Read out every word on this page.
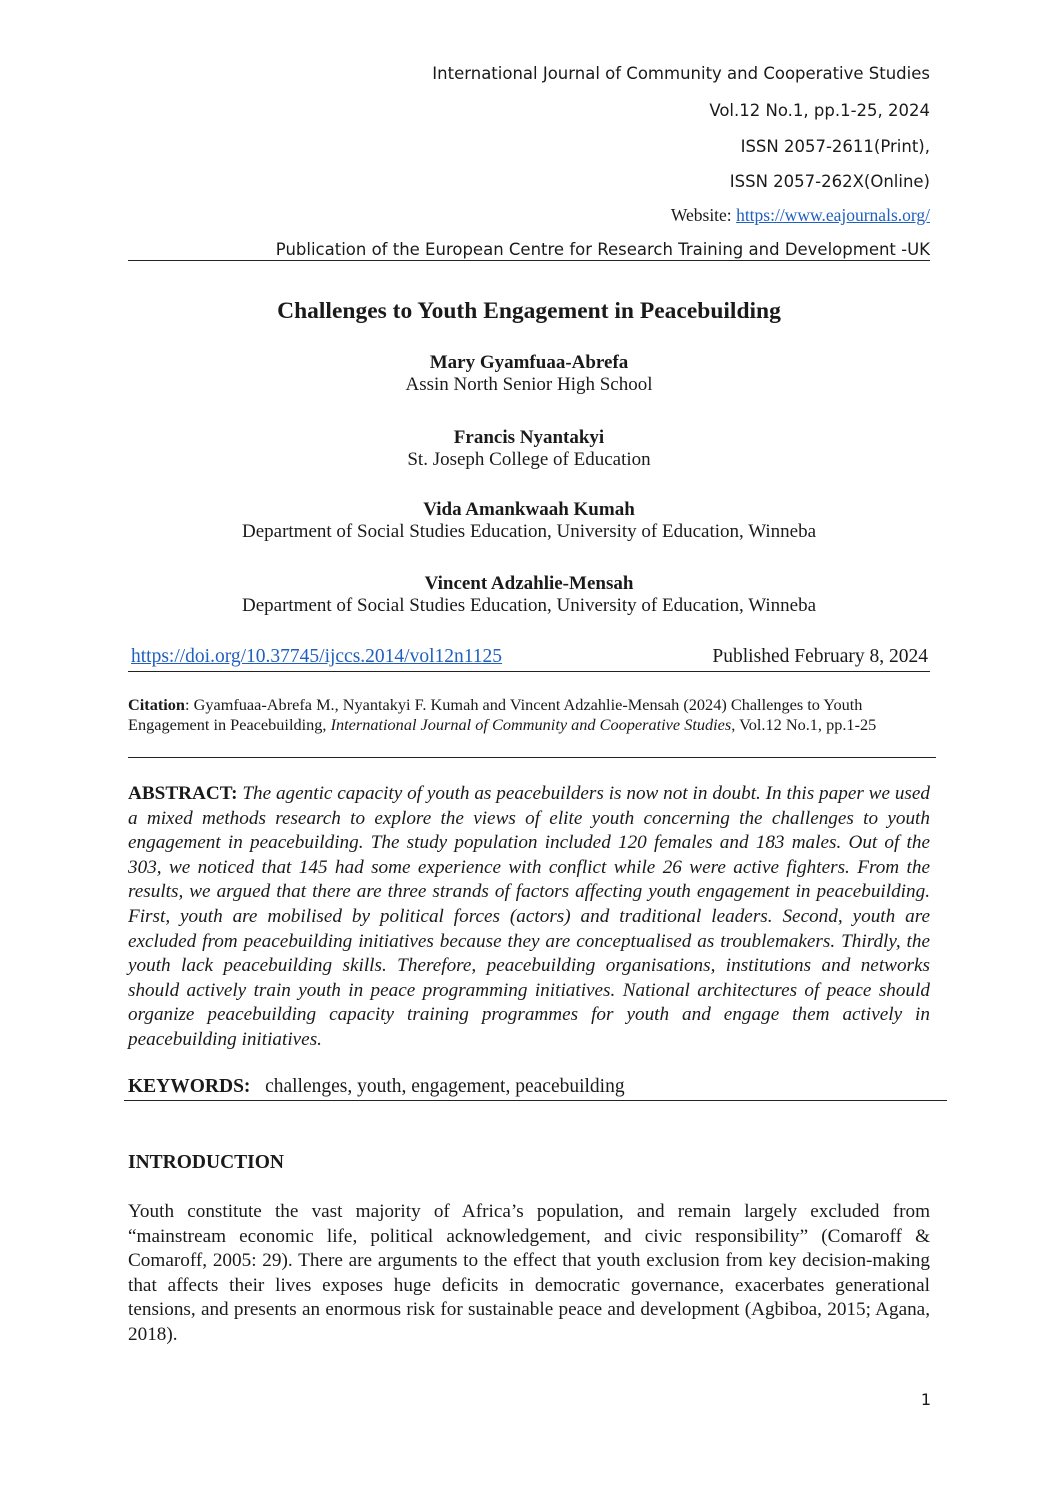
International Journal of Community and Cooperative Studies
Vol.12 No.1, pp.1-25, 2024
ISSN 2057-2611(Print),
ISSN 2057-262X(Online)
Website: https://www.eajournals.org/
Publication of the European Centre for Research Training and Development -UK
Challenges to Youth Engagement in Peacebuilding
Mary Gyamfuaa-Abrefa
Assin North Senior High School
Francis Nyantakyi
St. Joseph College of Education
Vida Amankwaah Kumah
Department of Social Studies Education, University of Education, Winneba
Vincent Adzahlie-Mensah
Department of Social Studies Education, University of Education, Winneba
https://doi.org/10.37745/ijccs.2014/vol12n1125	Published February 8, 2024
Citation: Gyamfuaa-Abrefa M., Nyantakyi F. Kumah and Vincent Adzahlie-Mensah (2024) Challenges to Youth Engagement in Peacebuilding, International Journal of Community and Cooperative Studies, Vol.12 No.1, pp.1-25
ABSTRACT: The agentic capacity of youth as peacebuilders is now not in doubt. In this paper we used a mixed methods research to explore the views of elite youth concerning the challenges to youth engagement in peacebuilding. The study population included 120 females and 183 males. Out of the 303, we noticed that 145 had some experience with conflict while 26 were active fighters. From the results, we argued that there are three strands of factors affecting youth engagement in peacebuilding. First, youth are mobilised by political forces (actors) and traditional leaders. Second, youth are excluded from peacebuilding initiatives because they are conceptualised as troublemakers. Thirdly, the youth lack peacebuilding skills. Therefore, peacebuilding organisations, institutions and networks should actively train youth in peace programming initiatives. National architectures of peace should organize peacebuilding capacity training programmes for youth and engage them actively in peacebuilding initiatives.
KEYWORDS: challenges, youth, engagement, peacebuilding
INTRODUCTION
Youth constitute the vast majority of Africa’s population, and remain largely excluded from “mainstream economic life, political acknowledgement, and civic responsibility” (Comaroff & Comaroff, 2005: 29). There are arguments to the effect that youth exclusion from key decision-making that affects their lives exposes huge deficits in democratic governance, exacerbates generational tensions, and presents an enormous risk for sustainable peace and development (Agbiboa, 2015; Agana, 2018).
1
